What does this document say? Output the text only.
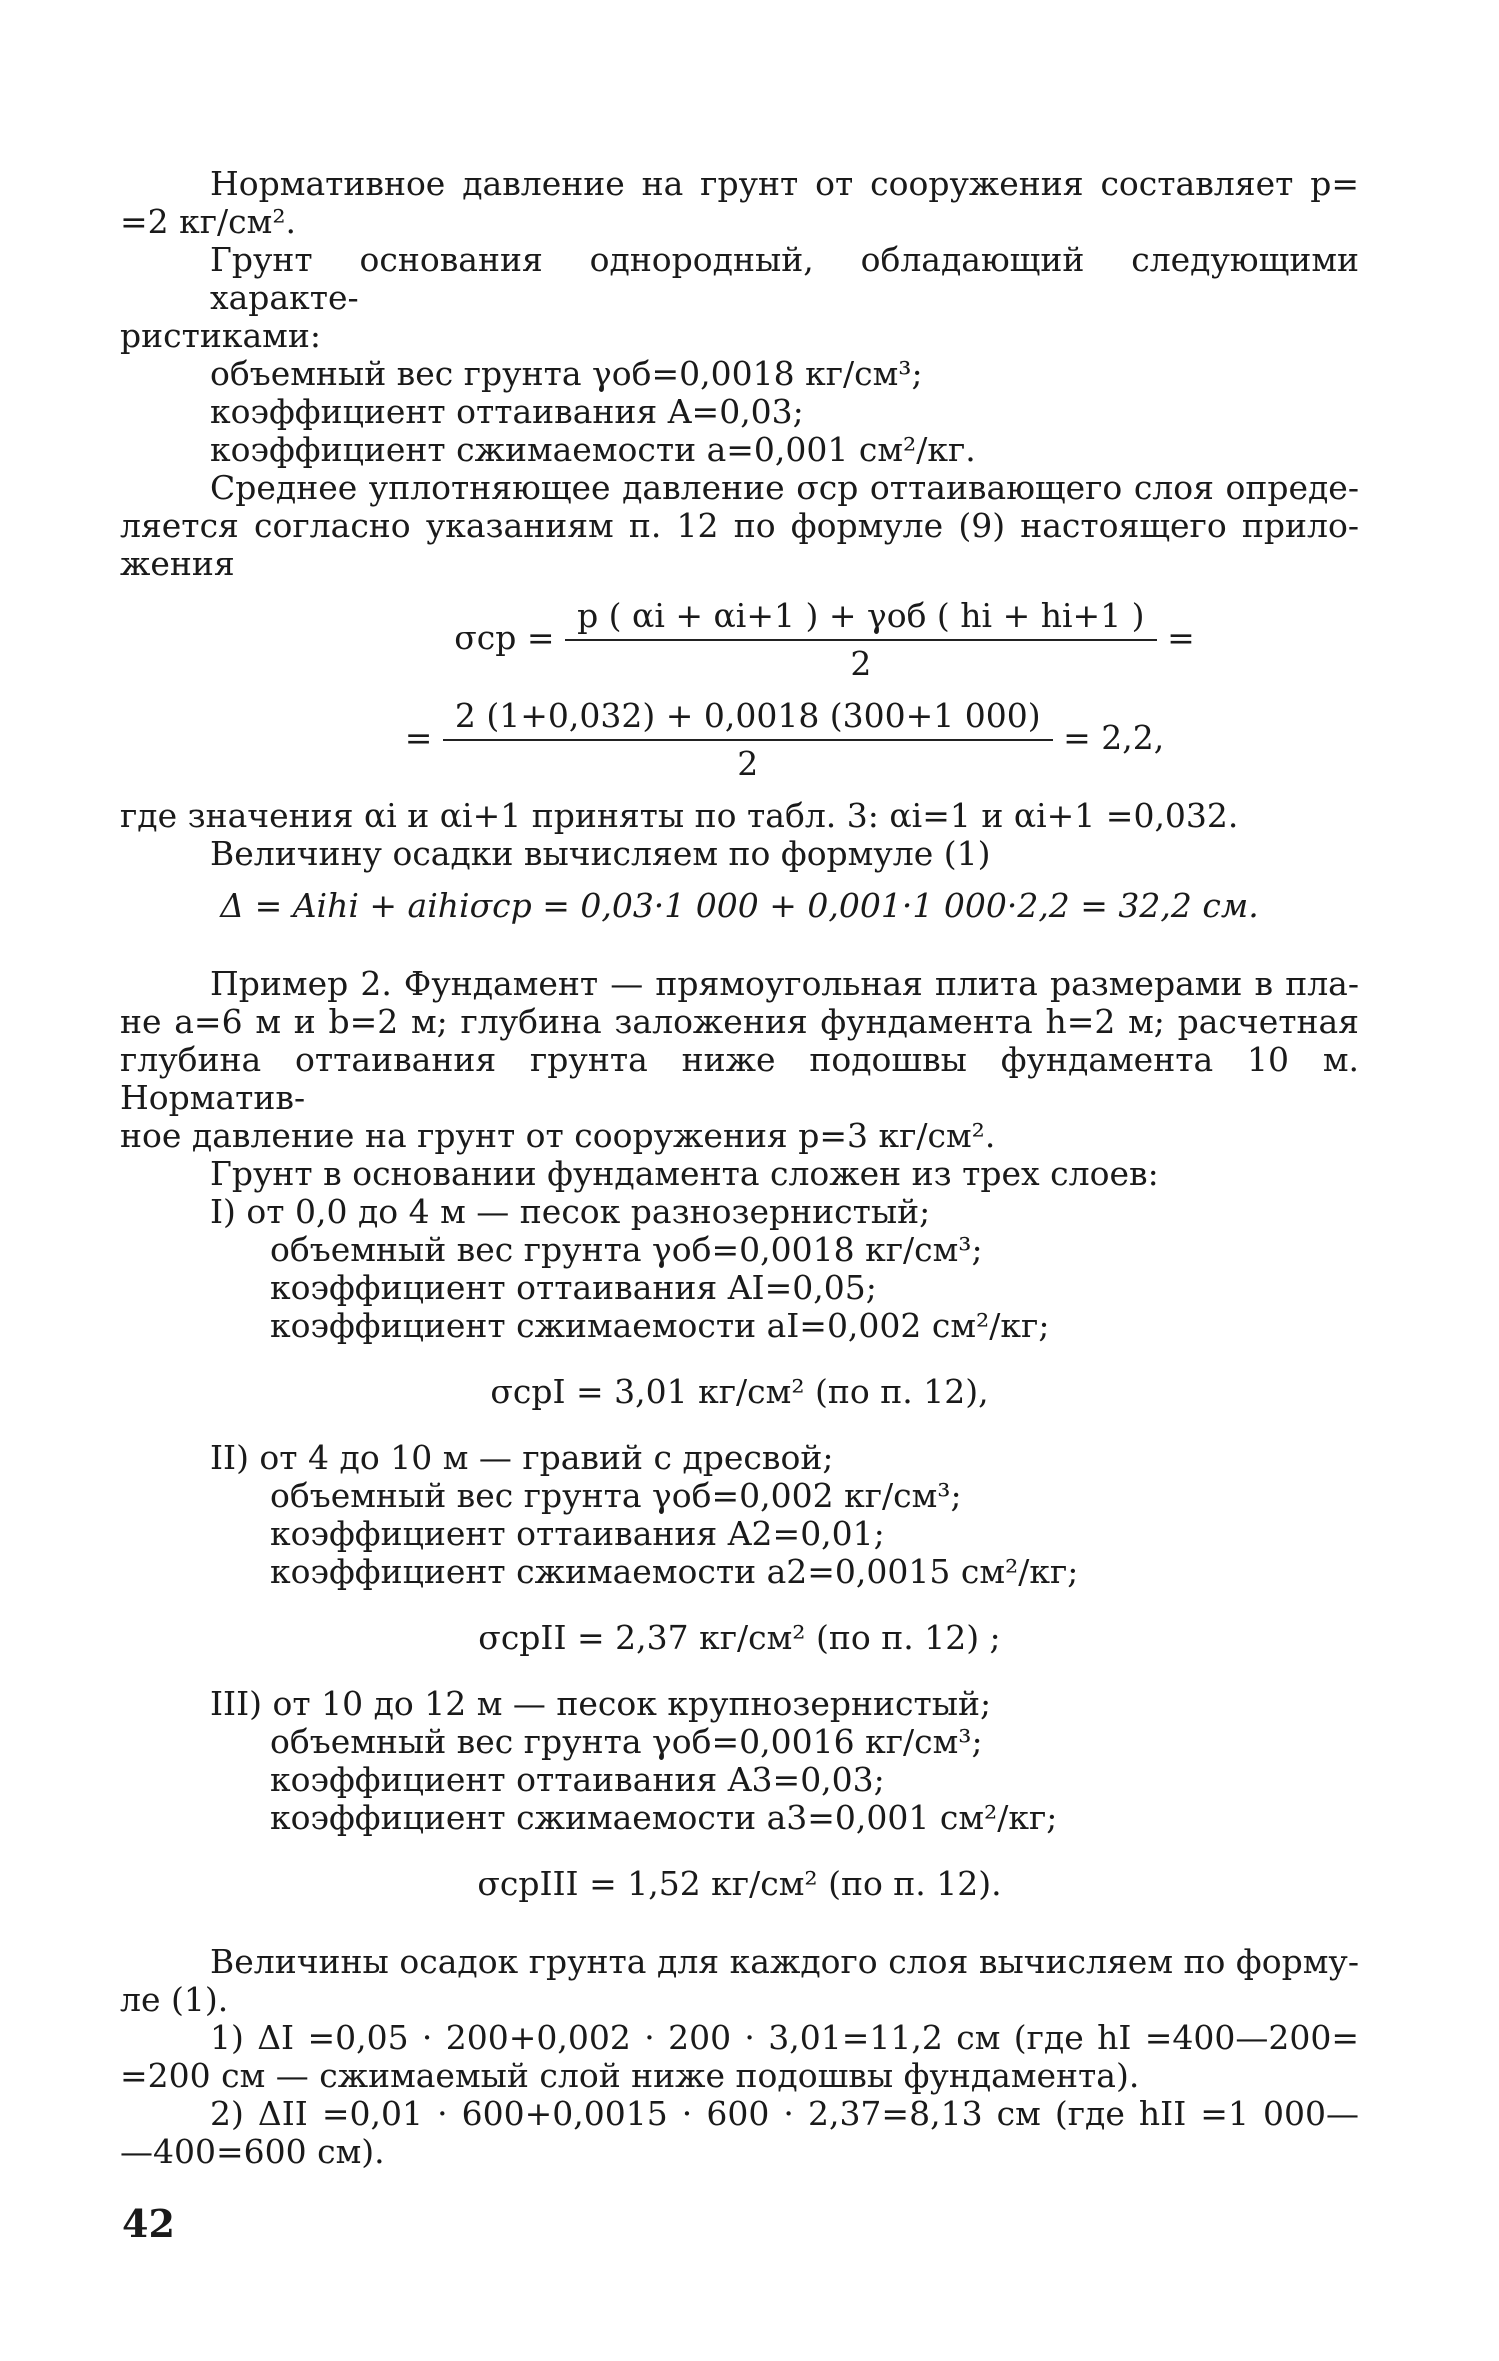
Нормативное давление на грунт от сооружения составляет p=
=2 кг/см².
Грунт основания однородный, обладающий следующими характе-
ристиками:
объемный вес грунта γоб=0,0018 кг/см³;
коэффициент оттаивания A=0,03;
коэффициент сжимаемости a=0,001 см²/кг.
Среднее уплотняющее давление σср оттаивающего слоя опреде-
ляется согласно указаниям п. 12 по формуле (9) настоящего прило-
жения
$\sigma ср = \frac{\text{p ( αi + αi+1 ) + γоб ( hi + hi+1 )}}{2}$ =
= $\frac{2 (1+0,032) + 0,0018 (300+1 000)}{2} = 2,2$,
где значения αi и αi+1 приняты по табл. 3: αi=1 и αi+1 =0,032.
Величину осадки вычисляем по формуле (1)
Δ = Aihi + aihiσср = 0,03·1 000 + 0,001·1 000·2,2 = 32,2 см.
Пример 2. Фундамент — прямоугольная плита размерами в пла-
не a=6 м и b=2 м; глубина заложения фундамента h=2 м; расчетная
глубина оттаивания грунта ниже подошвы фундамента 10 м. Норматив-
ное давление на грунт от сооружения p=3 кг/см².
Грунт в основании фундамента сложен из трех слоев:
I) от 0,0 до 4 м — песок разнозернистый;
объемный вес грунта γоб=0,0018 кг/см³;
коэффициент оттаивания AI=0,05;
коэффициент сжимаемости aI=0,002 см²/кг;
σcpI = 3,01 кг/см² (по п. 12),
II) от 4 до 10 м — гравий с дресвой;
объемный вес грунта γоб=0,002 кг/см³;
коэффициент оттаивания A2=0,01;
коэффициент сжимаемости a2=0,0015 см²/кг;
σcpII = 2,37 кг/см² (по п. 12) ;
III) от 10 до 12 м — песок крупнозернистый;
объемный вес грунта γоб=0,0016 кг/см³;
коэффициент оттаивания A3=0,03;
коэффициент сжимаемости a3=0,001 см²/кг;
σcpIII = 1,52 кг/см² (по п. 12).
Величины осадок грунта для каждого слоя вычисляем по форму-
ле (1).
1) ΔI =0,05 · 200+0,002 · 200 · 3,01=11,2 см (где hI =400—200=
=200 см — сжимаемый слой ниже подошвы фундамента).
2) ΔII =0,01 · 600+0,0015 · 600 · 2,37=8,13 см (где hII =1 000—
—400=600 см).
42
